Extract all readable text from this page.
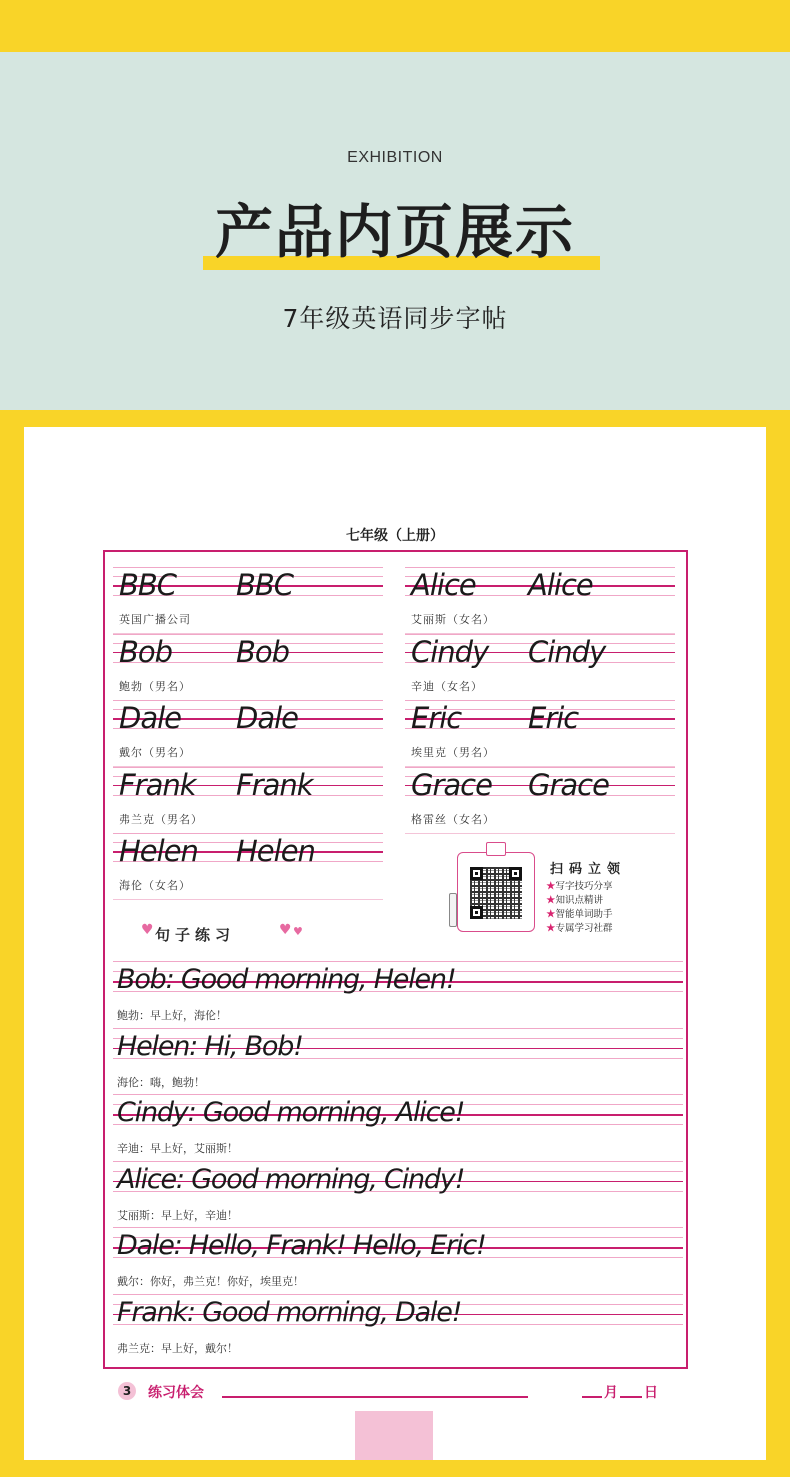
EXHIBITION
产品内页展示
7年级英语同步字帖
七年级（上册）
BBC BBC
英国广播公司
Bob Bob
鲍勃（男名）
Dale Dale
戴尔（男名）
Frank Frank
弗兰克（男名）
Helen Helen
海伦（女名）
Alice Alice
艾丽斯（女名）
Cindy Cindy
辛迪（女名）
Eric Eric
埃里克（男名）
Grace Grace
格雷丝（女名）
扫码立领
★写字技巧分享
★知识点精讲
★智能单词助手
★专属学习社群
♥ 句子练习	♥ ♥
Bob: Good morning, Helen!
鲍勃：早上好，海伦！
Helen: Hi, Bob!
海伦：嗨，鲍勃！
Cindy: Good morning, Alice!
辛迪：早上好，艾丽斯！
Alice: Good morning, Cindy!
艾丽斯：早上好，辛迪！
Dale: Hello, Frank! Hello, Eric!
戴尔：你好，弗兰克！你好，埃里克！
Frank: Good morning, Dale!
弗兰克：早上好，戴尔！
3	练习体会	月 日
